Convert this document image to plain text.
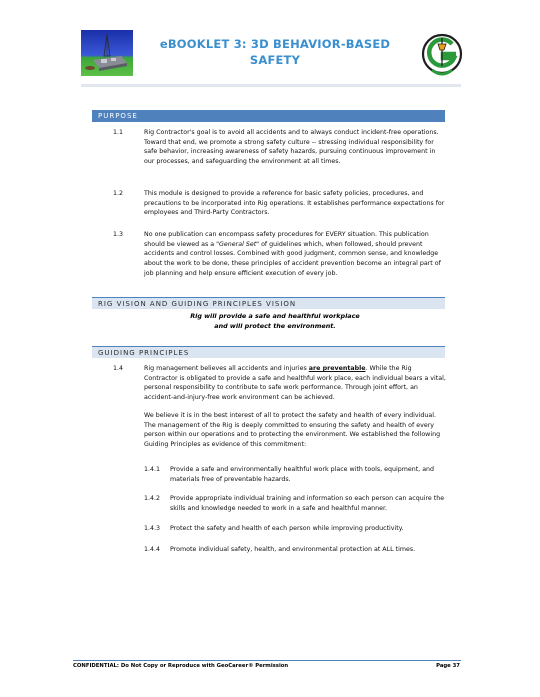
eBOOKLET 3: 3D BEHAVIOR-BASED
SAFETY
PURPOSE
1.1	Rig Contractor's goal is to avoid all accidents and to always conduct incident-free operations. Toward that end, we promote a strong safety culture -- stressing individual responsibility for safe behavior, increasing awareness of safety hazards, pursuing continuous improvement in our processes, and safeguarding the environment at all times.
1.2	This module is designed to provide a reference for basic safety policies, procedures, and precautions to be incorporated into Rig operations. It establishes performance expectations for employees and Third-Party Contractors.
1.3	No one publication can encompass safety procedures for EVERY situation. This publication should be viewed as a "General Set" of guidelines which, when followed, should prevent accidents and control losses. Combined with good judgment, common sense, and knowledge about the work to be done, these principles of accident prevention become an integral part of job planning and help ensure efficient execution of every job.
RIG VISION AND GUIDING PRINCIPLES VISION
Rig will provide a safe and healthful workplace
and will protect the environment.
GUIDING PRINCIPLES
1.4	Rig management believes all accidents and injuries are preventable. While the Rig Contractor is obligated to provide a safe and healthful work place, each individual bears a vital, personal responsibility to contribute to safe work performance. Through joint effort, an accident-and-injury-free work environment can be achieved.
We believe it is in the best interest of all to protect the safety and health of every individual. The management of the Rig is deeply committed to ensuring the safety and health of every person within our operations and to protecting the environment. We established the following Guiding Principles as evidence of this commitment:
1.4.1 Provide a safe and environmentally healthful work place with tools, equipment, and materials free of preventable hazards.
1.4.2 Provide appropriate individual training and information so each person can acquire the skills and knowledge needed to work in a safe and healthful manner.
1.4.3 Protect the safety and health of each person while improving productivity.
1.4.4 Promote individual safety, health, and environmental protection at ALL times.
CONFIDENTIAL: Do Not Copy or Reproduce with GeoCareer® Permission	Page 37
